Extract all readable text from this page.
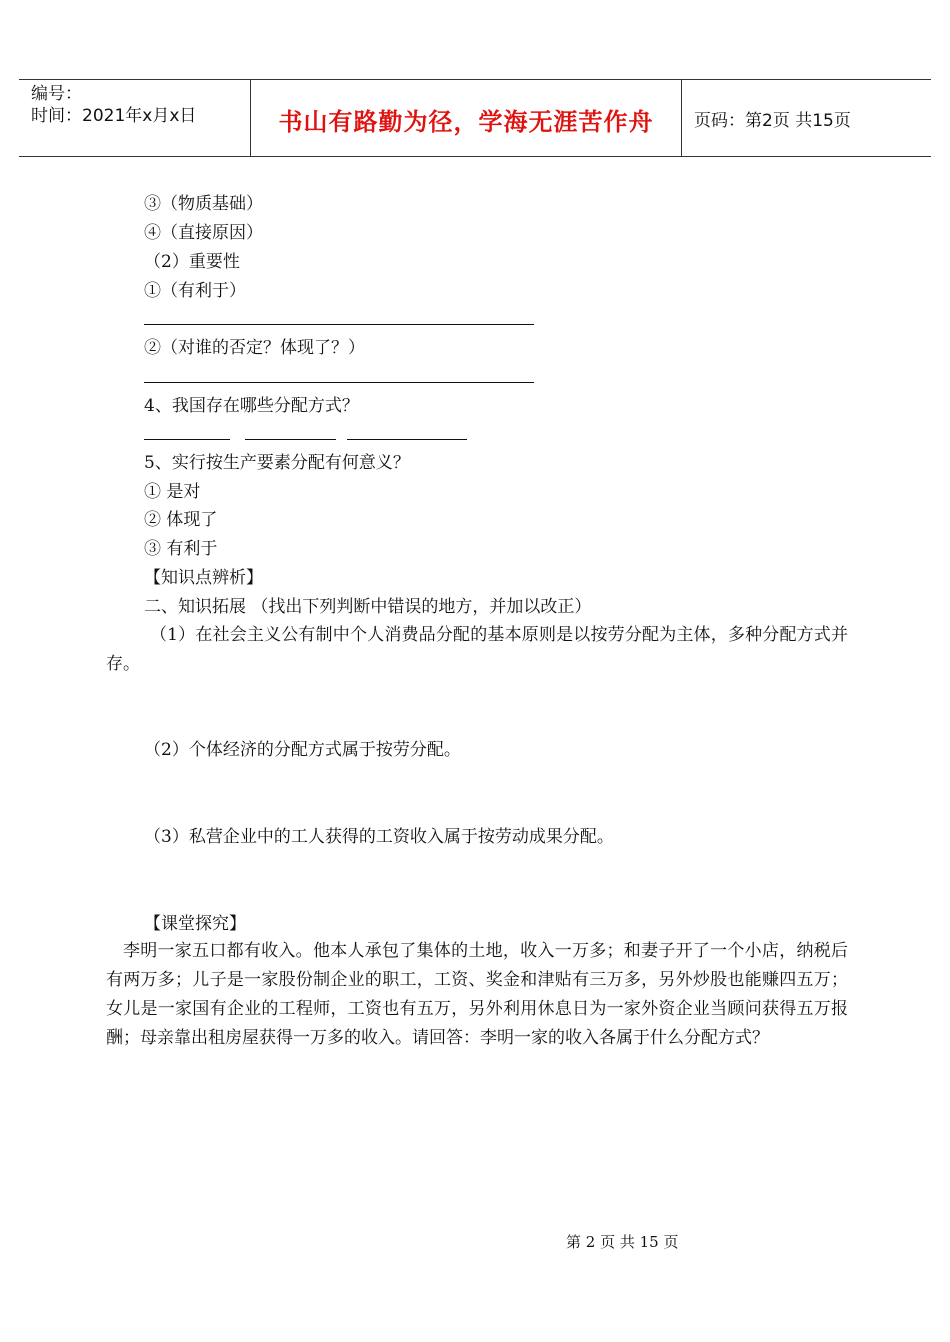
编号：
时间：2021年x月x日	书山有路勤为径，学海无涯苦作舟	页码：第2页 共15页
③（物质基础）
④（直接原因）
（2）重要性
①（有利于）
②（对谁的否定？体现了？）
4、我国存在哪些分配方式？
5、实行按生产要素分配有何意义？
① 是对
② 体现了
③ 有利于
【知识点辨析】
二、知识拓展 （找出下列判断中错误的地方，并加以改正）
（1）在社会主义公有制中个人消费品分配的基本原则是以按劳分配为主体，多种分配方式并存。
（2）个体经济的分配方式属于按劳分配。
（3）私营企业中的工人获得的工资收入属于按劳动成果分配。
【课堂探究】
李明一家五口都有收入。他本人承包了集体的土地，收入一万多；和妻子开了一个小店，纳税后有两万多；儿子是一家股份制企业的职工，工资、奖金和津贴有三万多，另外炒股也能赚四五万；女儿是一家国有企业的工程师，工资也有五万，另外利用休息日为一家外资企业当顾问获得五万报酬；母亲靠出租房屋获得一万多的收入。请回答：李明一家的收入各属于什么分配方式？
第 2 页 共 15 页
